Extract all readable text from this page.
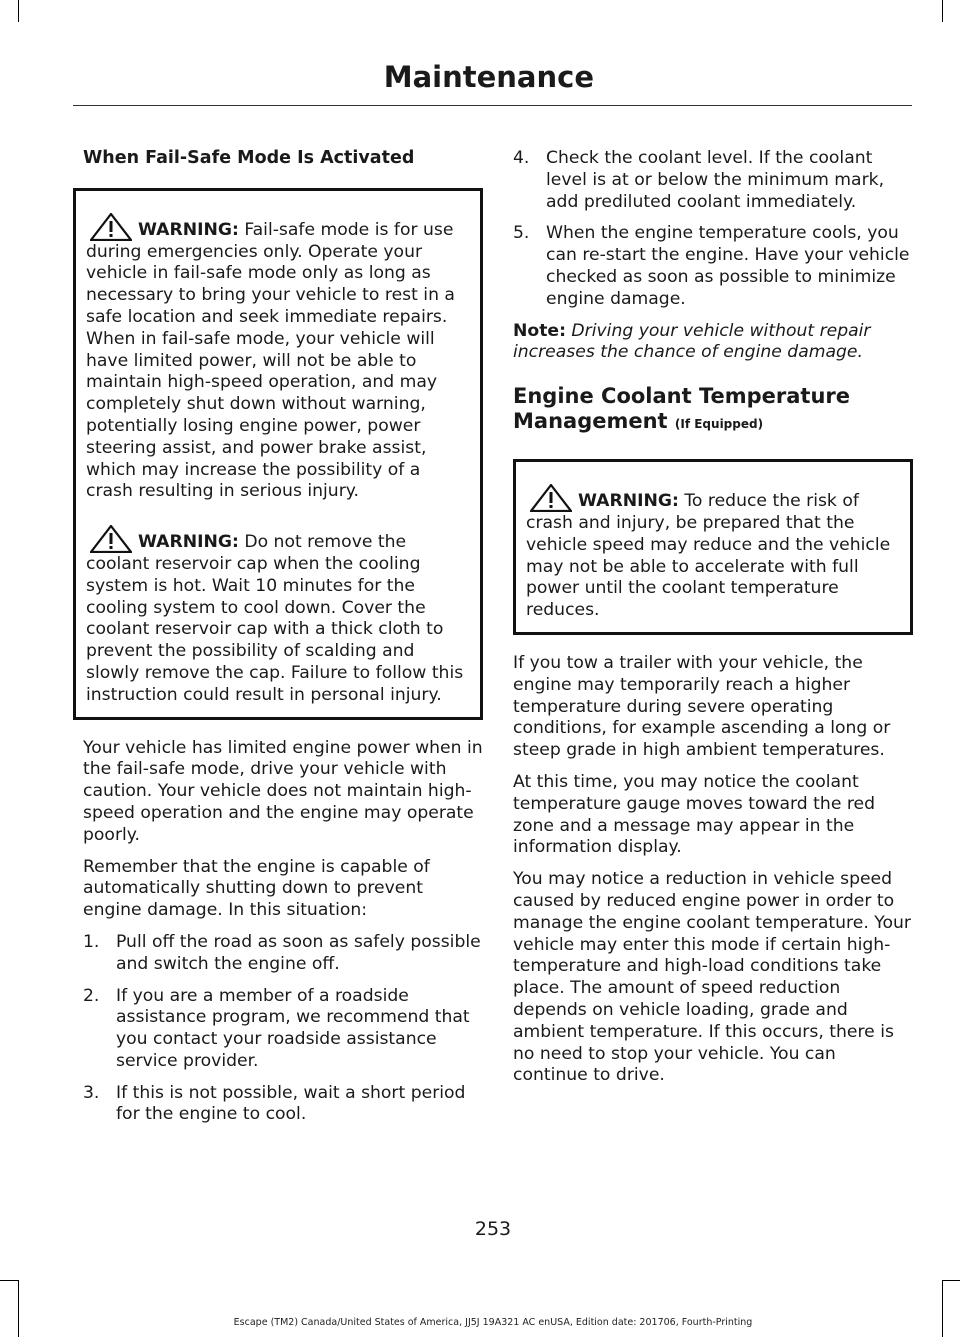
Maintenance
When Fail-Safe Mode Is Activated

WARNING: Fail-safe mode is for use during emergencies only. Operate your vehicle in fail-safe mode only as long as necessary to bring your vehicle to rest in a safe location and seek immediate repairs. When in fail-safe mode, your vehicle will have limited power, will not be able to maintain high-speed operation, and may completely shut down without warning, potentially losing engine power, power steering assist, and power brake assist, which may increase the possibility of a crash resulting in serious injury.

WARNING: Do not remove the coolant reservoir cap when the cooling system is hot. Wait 10 minutes for the cooling system to cool down. Cover the coolant reservoir cap with a thick cloth to prevent the possibility of scalding and slowly remove the cap. Failure to follow this instruction could result in personal injury.

Your vehicle has limited engine power when in the fail-safe mode, drive your vehicle with caution. Your vehicle does not maintain high-speed operation and the engine may operate poorly.

Remember that the engine is capable of automatically shutting down to prevent engine damage. In this situation:

1. Pull off the road as soon as safely possible and switch the engine off.
2. If you are a member of a roadside assistance program, we recommend that you contact your roadside assistance service provider.
3. If this is not possible, wait a short period for the engine to cool.
4. Check the coolant level. If the coolant level is at or below the minimum mark, add prediluted coolant immediately.
5. When the engine temperature cools, you can re-start the engine. Have your vehicle checked as soon as possible to minimize engine damage.

Note: Driving your vehicle without repair increases the chance of engine damage.

Engine Coolant Temperature Management (If Equipped)

WARNING: To reduce the risk of crash and injury, be prepared that the vehicle speed may reduce and the vehicle may not be able to accelerate with full power until the coolant temperature reduces.

If you tow a trailer with your vehicle, the engine may temporarily reach a higher temperature during severe operating conditions, for example ascending a long or steep grade in high ambient temperatures.

At this time, you may notice the coolant temperature gauge moves toward the red zone and a message may appear in the information display.

You may notice a reduction in vehicle speed caused by reduced engine power in order to manage the engine coolant temperature. Your vehicle may enter this mode if certain high-temperature and high-load conditions take place. The amount of speed reduction depends on vehicle loading, grade and ambient temperature. If this occurs, there is no need to stop your vehicle. You can continue to drive.

253
Escape (TM2) Canada/United States of America, JJ5J 19A321 AC enUSA, Edition date: 201706, Fourth-Printing
